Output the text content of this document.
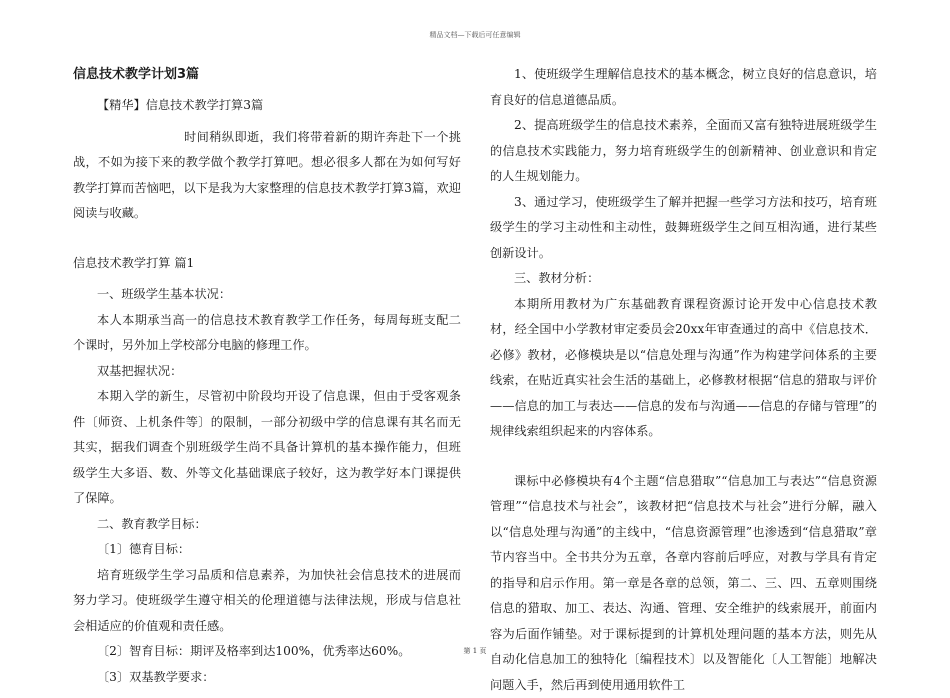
精品文档—下载后可任意编辑

信息技术教学计划3篇

【精华】信息技术教学打算3篇

时间稍纵即逝，我们将带着新的期许奔赴下一个挑战，不如为接下来的教学做个教学打算吧。想必很多人都在为如何写好教学打算而苦恼吧，以下是我为大家整理的信息技术教学打算3篇，欢迎阅读与收藏。

信息技术教学打算 篇1

一、班级学生基本状况：

本人本期承当高一的信息技术教育教学工作任务，每周每班支配二个课时，另外加上学校部分电脑的修理工作。

双基把握状况：

本期入学的新生，尽管初中阶段均开设了信息课，但由于受客观条件〔师资、上机条件等〕的限制，一部分初级中学的信息课有其名而无其实，据我们调查个别班级学生尚不具备计算机的基本操作能力，但班级学生大多语、数、外等文化基础课底子较好，这为教学好本门课提供了保障。

二、教育教学目标：

〔1〕德育目标：

培育班级学生学习品质和信息素养，为加快社会信息技术的进展而努力学习。使班级学生遵守相关的伦理道德与法律法规，形成与信息社会相适应的价值观和责任感。

〔2〕智育目标：期评及格率到达100%，优秀率达60%。

〔3〕双基教学要求：

1、使班级学生理解信息技术的基本概念，树立良好的信息意识，培育良好的信息道德品质。

2、提高班级学生的信息技术素养，全面而又富有独特进展班级学生的信息技术实践能力，努力培育班级学生的创新精神、创业意识和肯定的人生规划能力。

3、通过学习，使班级学生了解并把握一些学习方法和技巧，培育班级学生的学习主动性和主动性，鼓舞班级学生之间互相沟通，进行某些创新设计。

三、教材分析：

本期所用教材为广东基础教育课程资源讨论开发中心信息技术教材，经全国中小学教材审定委员会20xx年审查通过的高中《信息技术．必修》教材，必修模块是以“信息处理与沟通”作为构建学问体系的主要线索，在贴近真实社会生活的基础上，必修教材根据“信息的猎取与评价——信息的加工与表达——信息的发布与沟通——信息的存储与管理”的规律线索组织起来的内容体系。

课标中必修模块有4个主题“信息猎取”“信息加工与表达”“信息资源管理”“信息技术与社会”，该教材把“信息技术与社会”进行分解，融入以“信息处理与沟通”的主线中，“信息资源管理”也渗透到“信息猎取”章节内容当中。全书共分为五章，各章内容前后呼应，对教与学具有肯定的指导和启示作用。第一章是各章的总领，第二、三、四、五章则围绕信息的猎取、加工、表达、沟通、管理、安全维护的线索展开，前面内容为后面作铺垫。对于课标提到的计算机处理问题的基本方法，则先从自动化信息加工的独特化〔编程技术〕以及智能化〔人工智能〕地解决问题入手，然后再到使用通用软件工

第 1 页
